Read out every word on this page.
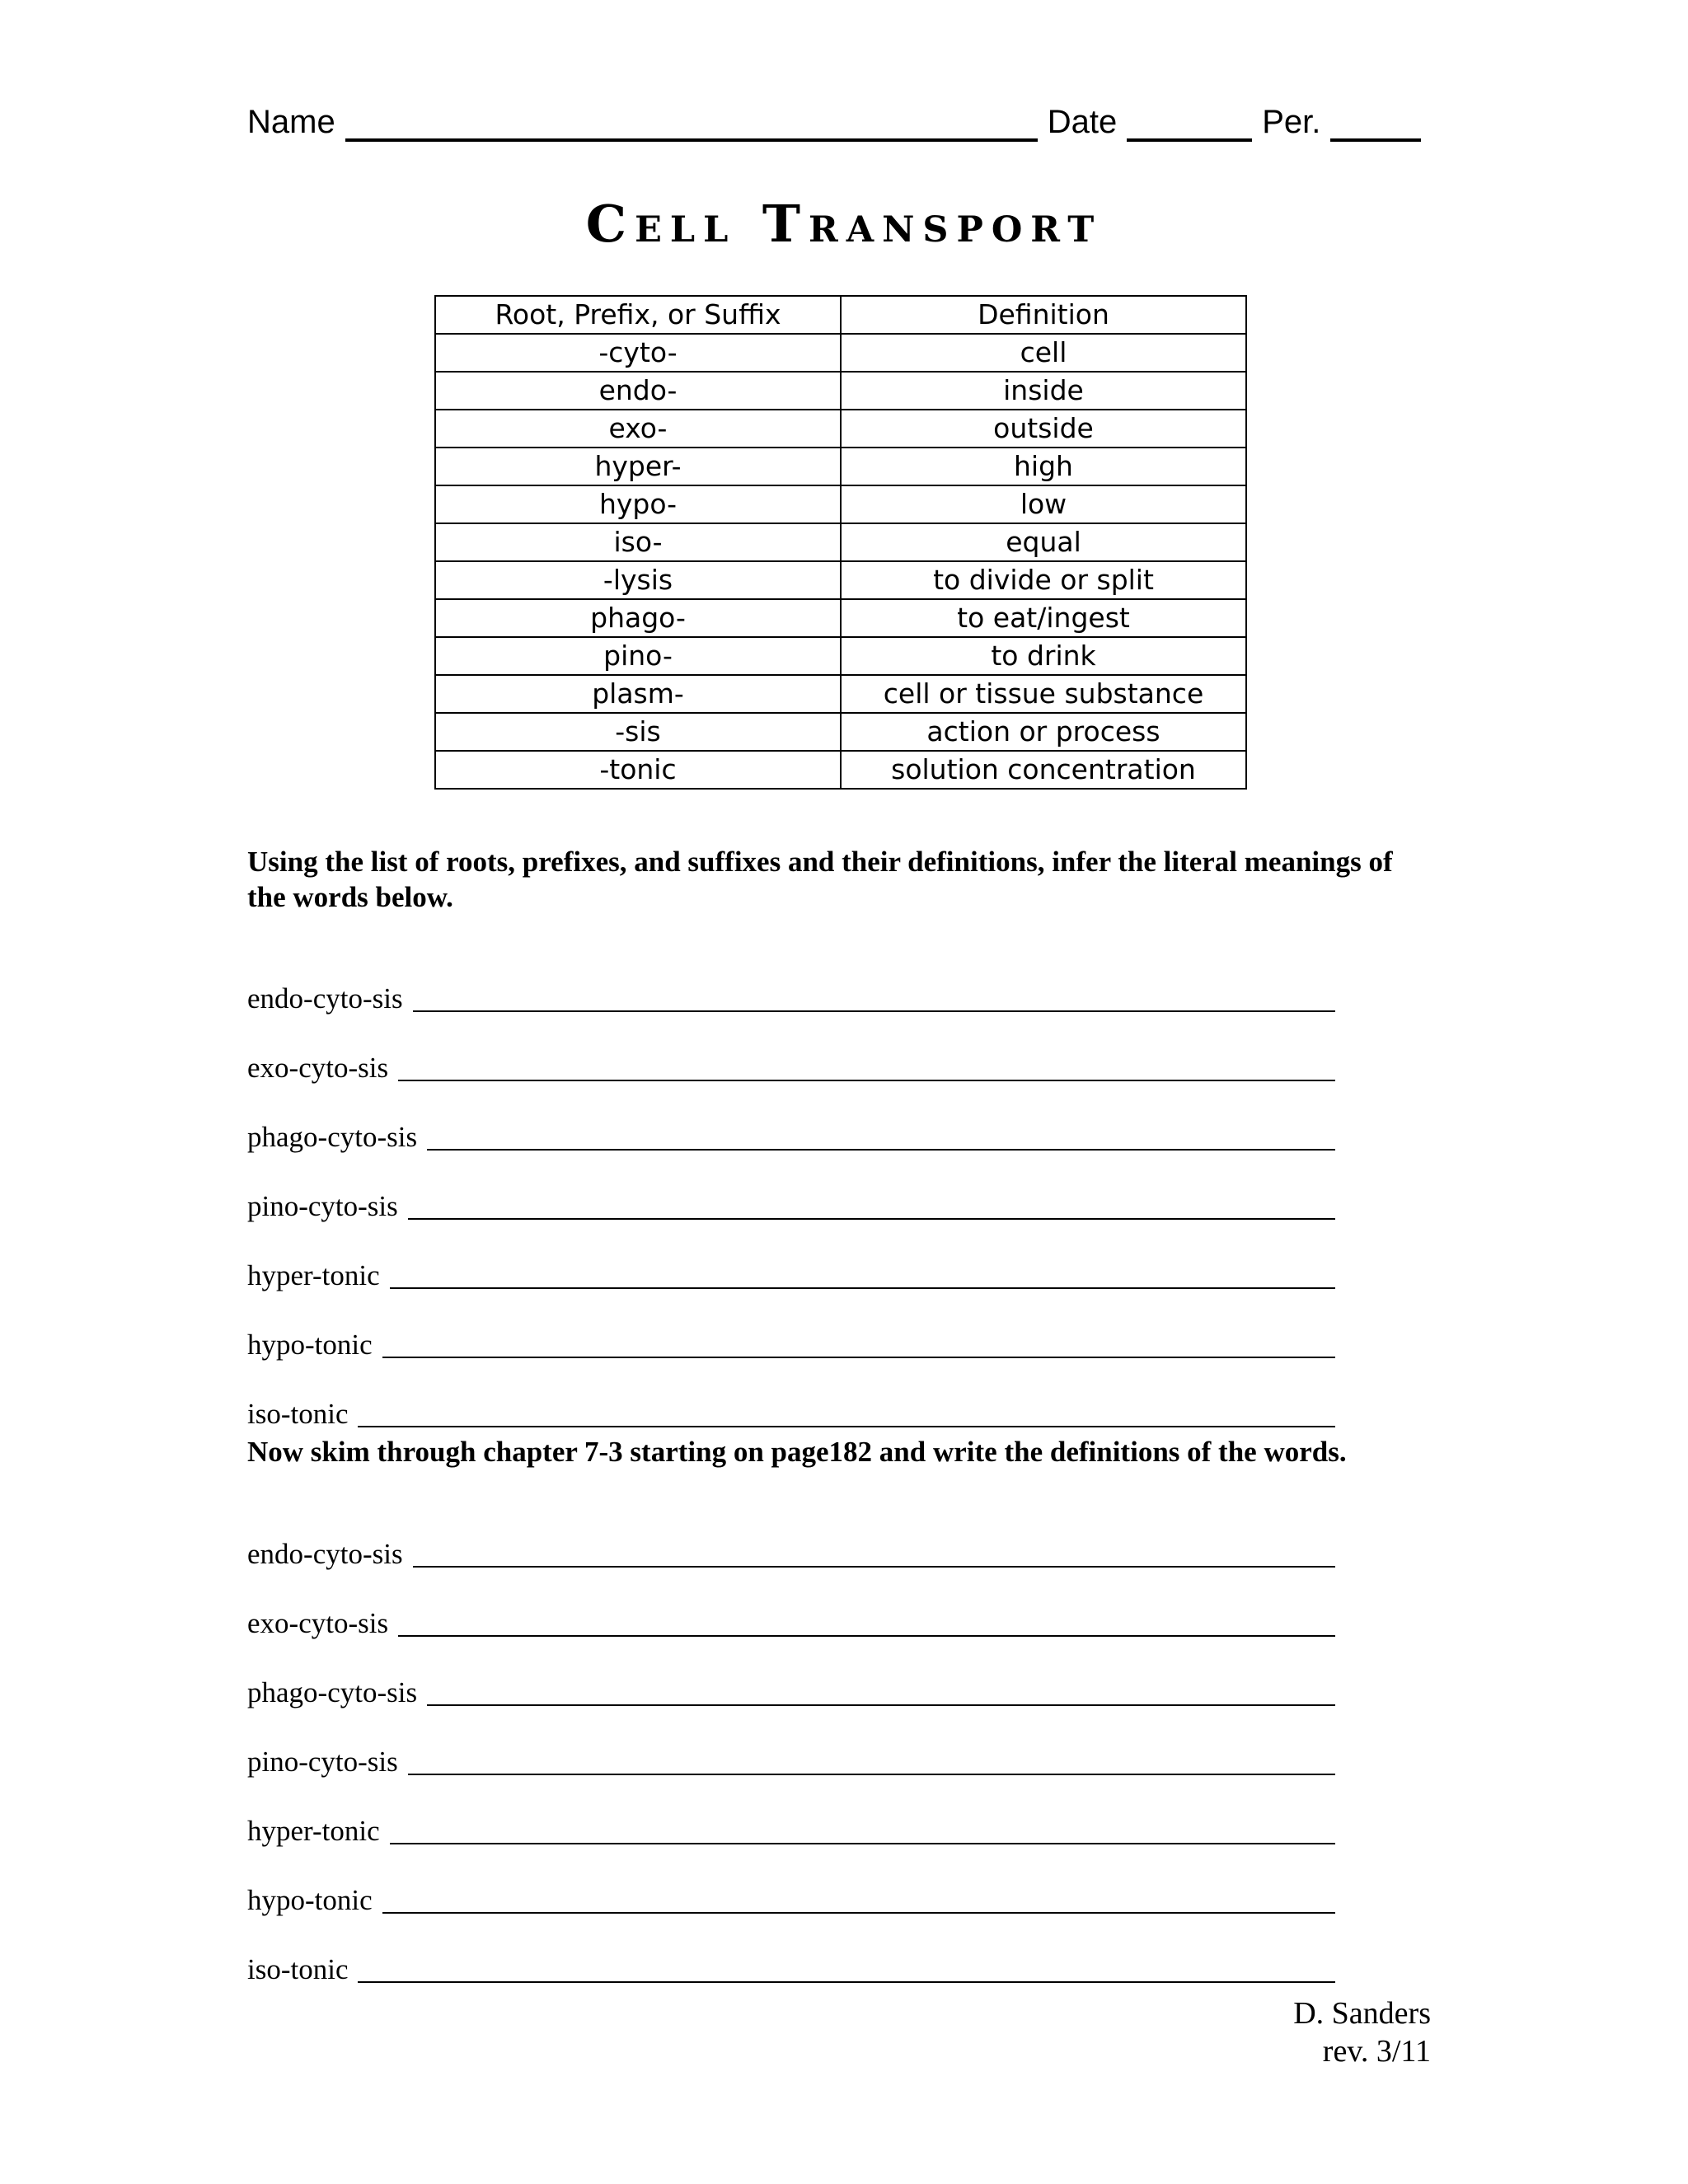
Name	Date	Per.
Cell Transport
Root, Prefix, or Suffix	Definition
-cyto-	cell
endo-	inside
exo-	outside
hyper-	high
hypo-	low
iso-	equal
-lysis	to divide or split
phago-	to eat/ingest
pino-	to drink
plasm-	cell or tissue substance
-sis	action or process
-tonic	solution concentration
Using the list of roots, prefixes, and suffixes and their definitions, infer the literal meanings of the words below.
endo-cyto-sis
exo-cyto-sis
phago-cyto-sis
pino-cyto-sis
hyper-tonic
hypo-tonic
iso-tonic
Now skim through chapter 7-3 starting on page182 and write the definitions of the words.
endo-cyto-sis
exo-cyto-sis
phago-cyto-sis
pino-cyto-sis
hyper-tonic
hypo-tonic
iso-tonic
D. Sanders
rev. 3/11
